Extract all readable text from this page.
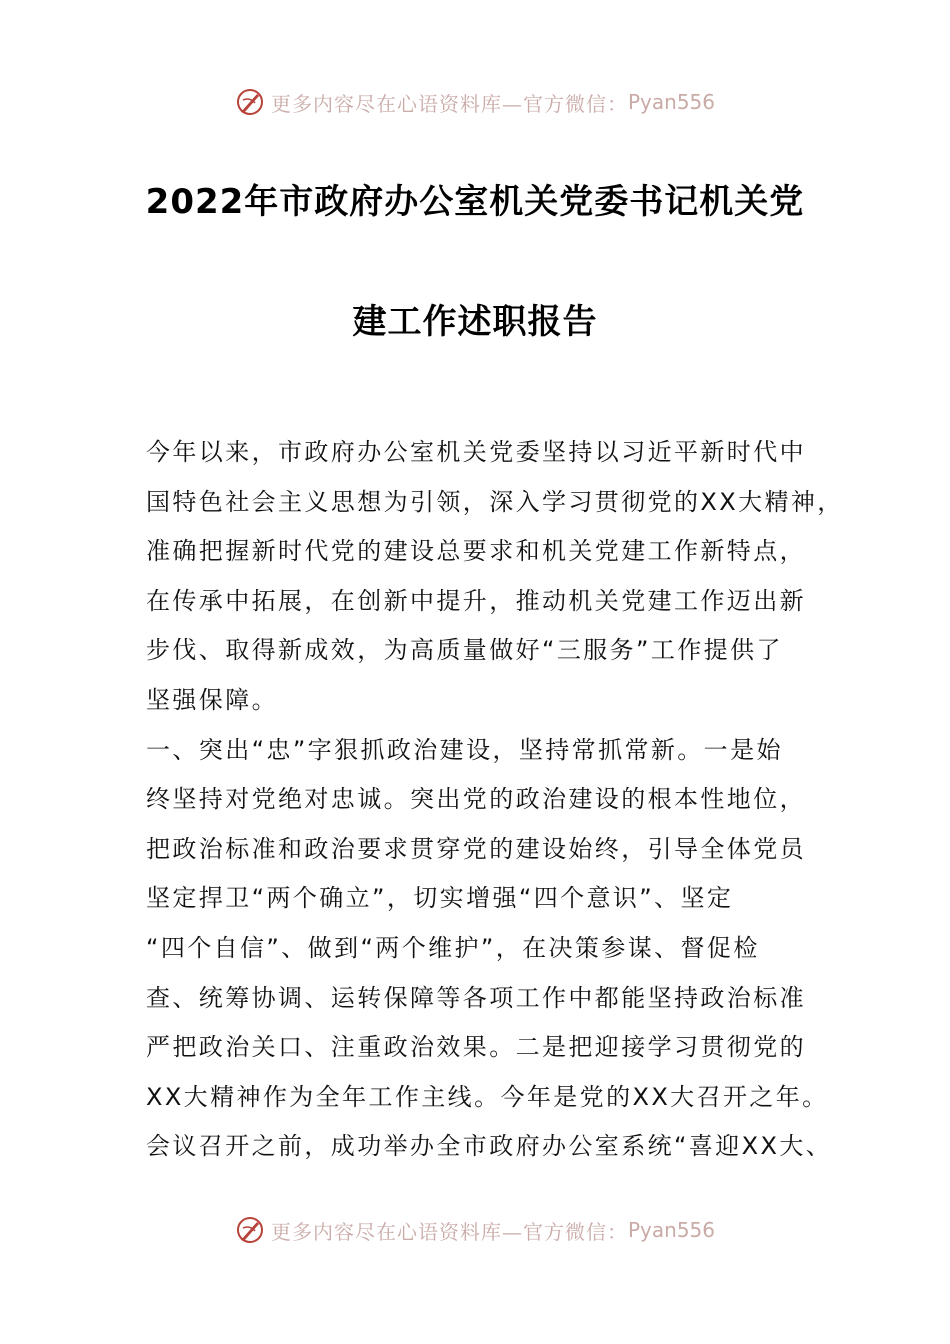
更多内容尽在心语资料库—官方微信： Pyan556
2022年市政府办公室机关党委书记机关党
建工作述职报告
今年以来，市政府办公室机关党委坚持以习近平新时代中
国特色社会主义思想为引领，深入学习贯彻党的XX大精神，
准确把握新时代党的建设总要求和机关党建工作新特点，
在传承中拓展，在创新中提升，推动机关党建工作迈出新
步伐、取得新成效，为高质量做好“三服务”工作提供了
坚强保障。
一、突出“忠”字狠抓政治建设，坚持常抓常新。一是始
终坚持对党绝对忠诚。突出党的政治建设的根本性地位，
把政治标准和政治要求贯穿党的建设始终，引导全体党员
坚定捍卫“两个确立”，切实增强“四个意识”、坚定
“四个自信”、做到“两个维护”，在决策参谋、督促检
查、统筹协调、运转保障等各项工作中都能坚持政治标准
严把政治关口、注重政治效果。二是把迎接学习贯彻党的
XX大精神作为全年工作主线。今年是党的XX大召开之年。
会议召开之前，成功举办全市政府办公室系统“喜迎XX大、
更多内容尽在心语资料库—官方微信： Pyan556
